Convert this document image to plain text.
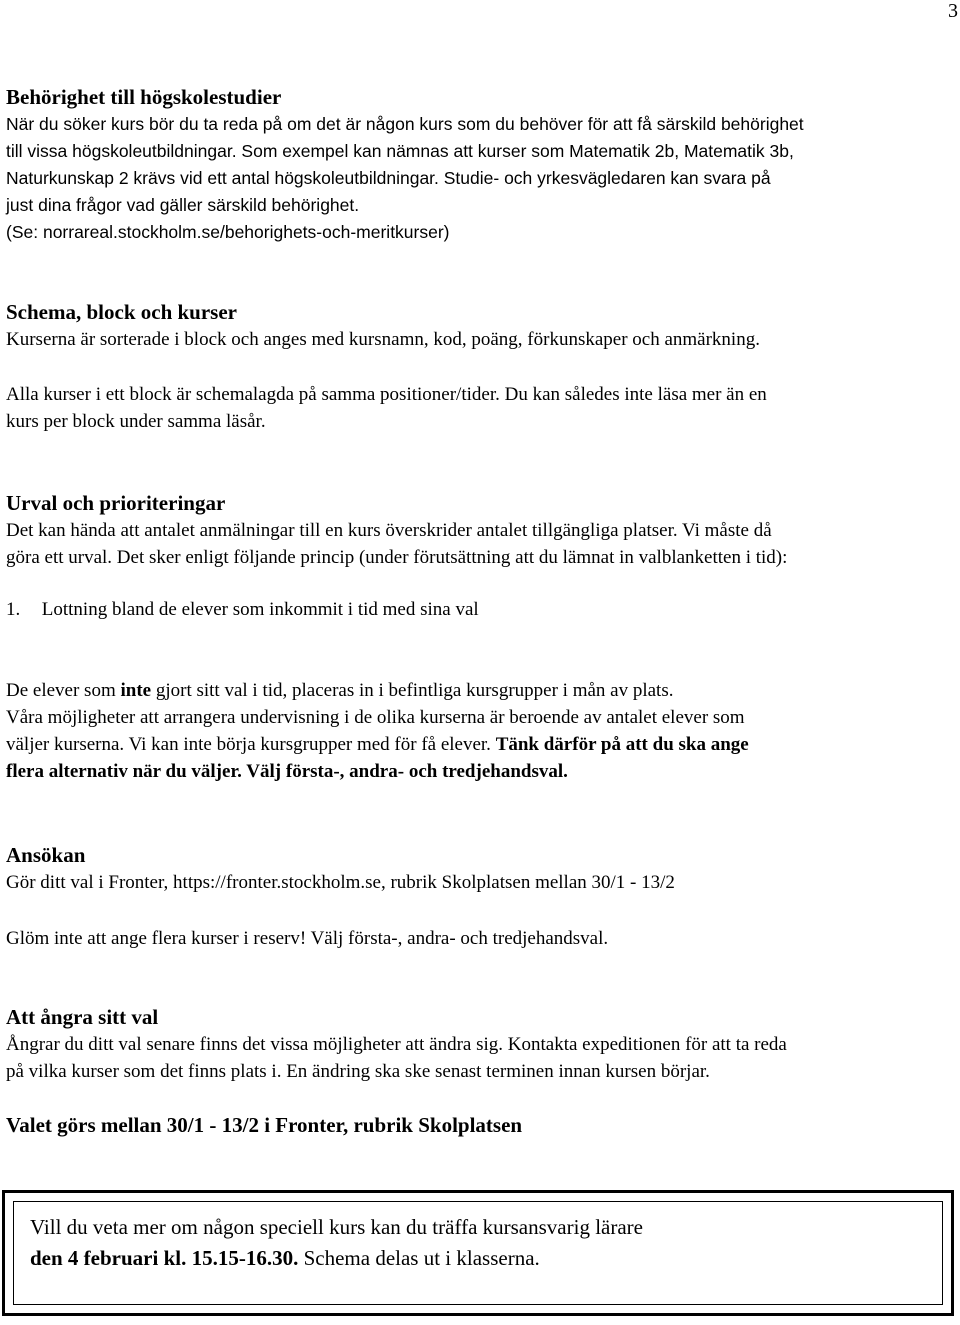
3
Behörighet till högskolestudier
När du söker kurs bör du ta reda på om det är någon kurs som du behöver för att få särskild behörighet
till vissa högskoleutbildningar. Som exempel kan nämnas att kurser som Matematik 2b, Matematik 3b,
Naturkunskap 2 krävs vid ett antal högskoleutbildningar. Studie- och yrkesvägledaren kan svara på
just dina frågor vad gäller särskild behörighet.
(Se: norrareal.stockholm.se/behorighets-och-meritkurser)
Schema, block och kurser
Kurserna är sorterade i block och anges med kursnamn, kod, poäng, förkunskaper och anmärkning.
Alla kurser i ett block är schemalagda på samma positioner/tider. Du kan således inte läsa mer än en
kurs per block under samma läsår.
Urval och prioriteringar
Det kan hända att antalet anmälningar till en kurs överskrider antalet tillgängliga platser. Vi måste då
göra ett urval. Det sker enligt följande princip (under förutsättning att du lämnat in valblanketten i tid):
1. Lottning bland de elever som inkommit i tid med sina val
De elever som inte gjort sitt val i tid, placeras in i befintliga kursgrupper i mån av plats.
Våra möjligheter att arrangera undervisning i de olika kurserna är beroende av antalet elever som
väljer kurserna. Vi kan inte börja kursgrupper med för få elever. Tänk därför på att du ska ange
flera alternativ när du väljer. Välj första-, andra- och tredjehandsval.
Ansökan
Gör ditt val i Fronter, https://fronter.stockholm.se, rubrik Skolplatsen mellan 30/1 - 13/2
Glöm inte att ange flera kurser i reserv! Välj första-, andra- och tredjehandsval.
Att ångra sitt val
Ångrar du ditt val senare finns det vissa möjligheter att ändra sig. Kontakta expeditionen för att ta reda
på vilka kurser som det finns plats i. En ändring ska ske senast terminen innan kursen börjar.
Valet görs mellan 30/1 - 13/2 i Fronter, rubrik Skolplatsen
Vill du veta mer om någon speciell kurs kan du träffa kursansvarig lärare
den 4 februari kl. 15.15-16.30. Schema delas ut i klasserna.
